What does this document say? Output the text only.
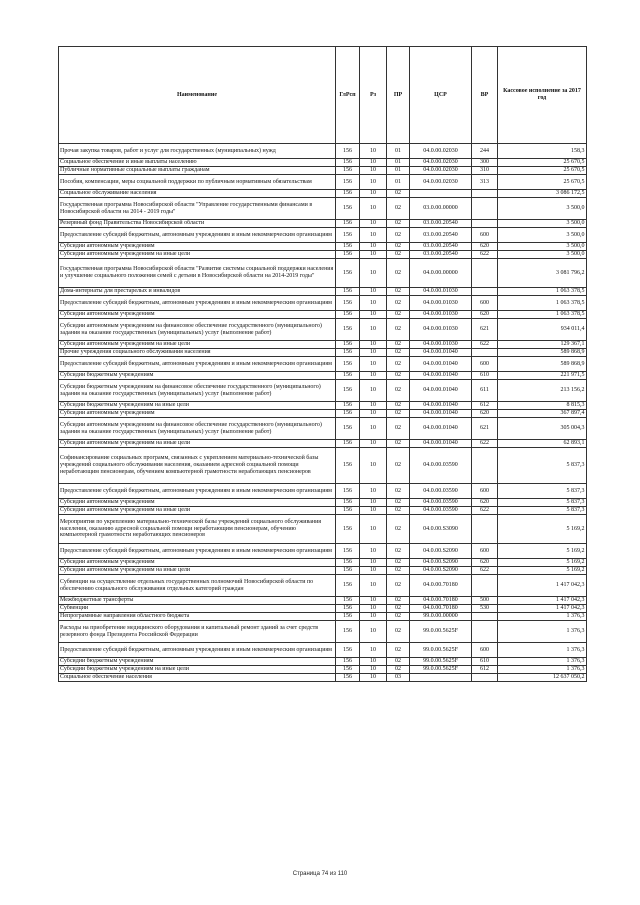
Наименование	ГлРсп	Рз	ПР	ЦСР	ВР	Кассовое исполнение за 2017 год
Прочая закупка товаров, работ и услуг для государственных (муниципальных) нужд	156	10	01	04.0.00.02030	244	158,3
Социальное обеспечение и иные выплаты населению	156	10	01	04.0.00.02030	300	25 670,5
Публичные нормативные социальные выплаты гражданам	156	10	01	04.0.00.02030	310	25 670,5
Пособия, компенсации, меры социальной поддержки по публичным нормативным обязательствам	156	10	01	04.0.00.02030	313	25 670,5
Социальное обслуживание населения	156	10	02			3 086 172,5
Государственная программа Новосибирской области "Управление государственными финансами в Новосибирской области на 2014 - 2019 годы"	156	10	02	03.0.00.00000		3 500,0
Резервный фонд Правительства Новосибирской области	156	10	02	03.0.00.20540		3 500,0
Предоставление субсидий бюджетным, автономным учреждениям и иным некоммерческим организациям	156	10	02	03.0.00.20540	600	3 500,0
Субсидии автономным учреждениям	156	10	02	03.0.00.20540	620	3 500,0
Субсидии автономным учреждениям на иные цели	156	10	02	03.0.00.20540	622	3 500,0
Государственная программа Новосибирской области "Развитие системы социальной поддержки населения и улучшение социального положения семей с детьми в Новосибирской области на 2014-2019 годы"	156	10	02	04.0.00.00000		3 081 796,2
Дома-интернаты для престарелых и инвалидов	156	10	02	04.0.00.01030		1 063 378,5
Предоставление субсидий бюджетным, автономным учреждениям и иным некоммерческим организациям	156	10	02	04.0.00.01030	600	1 063 378,5
Субсидии автономным учреждениям	156	10	02	04.0.00.01030	620	1 063 378,5
Субсидии автономным учреждениям на финансовое обеспечение государственного (муниципального) задания на оказание государственных (муниципальных) услуг (выполнение работ)	156	10	02	04.0.00.01030	621	934 011,4
Субсидии автономным учреждениям на иные цели	156	10	02	04.0.00.01030	622	129 367,1
Прочие учреждения социального обслуживания населения	156	10	02	04.0.00.01040		589 868,9
Предоставление субсидий бюджетным, автономным учреждениям и иным некоммерческим организациям	156	10	02	04.0.00.01040	600	589 868,9
Субсидии бюджетным учреждениям	156	10	02	04.0.00.01040	610	221 971,5
Субсидии бюджетным учреждениям на финансовое обеспечение государственного (муниципального) задания на оказание государственных (муниципальных) услуг (выполнение работ)	156	10	02	04.0.00.01040	611	213 156,2
Субсидии бюджетным учреждениям на иные цели	156	10	02	04.0.00.01040	612	8 815,3
Субсидии автономным учреждениям	156	10	02	04.0.00.01040	620	367 897,4
Субсидии автономным учреждениям на финансовое обеспечение государственного (муниципального) задания на оказание государственных (муниципальных) услуг (выполнение работ)	156	10	02	04.0.00.01040	621	305 004,3
Субсидии автономным учреждениям на иные цели	156	10	02	04.0.00.01040	622	62 893,1
Софинансирование социальных программ, связанных с укреплением материально-технической базы учреждений социального обслуживания населения, оказанием адресной социальной помощи неработающим пенсионерам, обучением компьютерной грамотности неработающих пенсионеров	156	10	02	04.0.00.03590		5 837,3
Предоставление субсидий бюджетным, автономным учреждениям и иным некоммерческим организациям	156	10	02	04.0.00.03590	600	5 837,3
Субсидии автономным учреждениям	156	10	02	04.0.00.03590	620	5 837,3
Субсидии автономным учреждениям на иные цели	156	10	02	04.0.00.03590	622	5 837,3
Мероприятия по укреплению материально-технической базы учреждений социального обслуживания населения, оказанию адресной социальной помощи неработающим пенсионерам, обучению компьютерной грамотности неработающих пенсионеров	156	10	02	04.0.00.S3090		5 169,2
Предоставление субсидий бюджетным, автономным учреждениям и иным некоммерческим организациям	156	10	02	04.0.00.S2090	600	5 169,2
Субсидии автономным учреждениям	156	10	02	04.0.00.S2090	620	5 169,2
Субсидии автономным учреждениям на иные цели	156	10	02	04.0.00.S2090	622	5 169,2
Субвенции на осуществление отдельных государственных полномочий Новосибирской области по обеспечению социального обслуживания отдельных категорий граждан	156	10	02	04.0.00.70180		1 417 042,3
Межбюджетные трансферты	156	10	02	04.0.00.70180	500	1 417 042,3
Субвенции	156	10	02	04.0.00.70180	530	1 417 042,3
Непрограммные направления областного бюджета	156	10	02	99.0.00.00000		1 376,3
Расходы на приобретение медицинского оборудования и капитальный ремонт зданий за счет средств резервного фонда Президента Российской Федерации	156	10	02	99.0.00.5625F		1 376,3
Предоставление субсидий бюджетным, автономным учреждениям и иным некоммерческим организациям	156	10	02	99.0.00.5625F	600	1 376,3
Субсидии бюджетным учреждениям	156	10	02	99.0.00.5625F	610	1 376,3
Субсидии бюджетным учреждениям на иные цели	156	10	02	99.0.00.5625F	612	1 376,3
Социальное обеспечение населения	156	10	03			12 637 050,2
Страница 74 из 110
